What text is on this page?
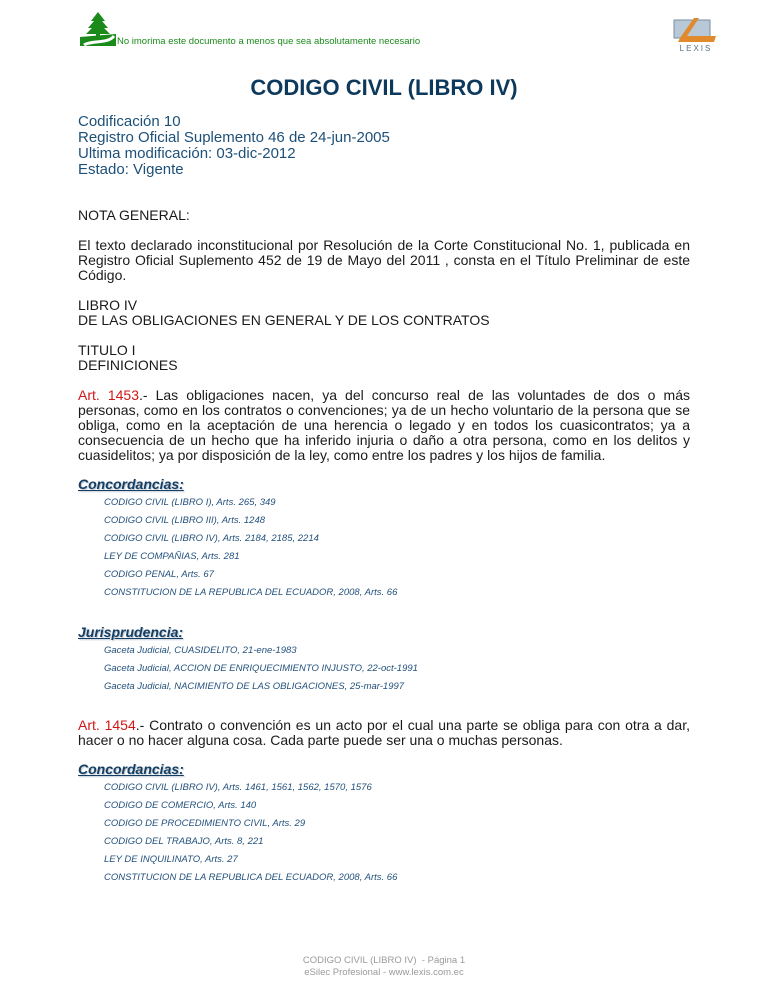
No imorima este documento a menos que sea absolutamente necesario
LEXIS
CODIGO CIVIL (LIBRO IV)
Codificación 10
Registro Oficial Suplemento 46 de 24-jun-2005
Ultima modificación: 03-dic-2012
Estado: Vigente
NOTA GENERAL:
El texto declarado inconstitucional por Resolución de la Corte Constitucional No. 1, publicada en Registro Oficial Suplemento 452 de 19 de Mayo del 2011 , consta en el Título Preliminar de este Código.
LIBRO IV
DE LAS OBLIGACIONES EN GENERAL Y DE LOS CONTRATOS
TITULO I
DEFINICIONES
Art. 1453.- Las obligaciones nacen, ya del concurso real de las voluntades de dos o más personas, como en los contratos o convenciones; ya de un hecho voluntario de la persona que se obliga, como en la aceptación de una herencia o legado y en todos los cuasicontratos; ya a consecuencia de un hecho que ha inferido injuria o daño a otra persona, como en los delitos y cuasidelitos; ya por disposición de la ley, como entre los padres y los hijos de familia.
Concordancias:
CODIGO CIVIL (LIBRO I), Arts. 265, 349
CODIGO CIVIL (LIBRO III), Arts. 1248
CODIGO CIVIL (LIBRO IV), Arts. 2184, 2185, 2214
LEY DE COMPAÑIAS, Arts. 281
CODIGO PENAL, Arts. 67
CONSTITUCION DE LA REPUBLICA DEL ECUADOR, 2008, Arts. 66
Jurisprudencia:
Gaceta Judicial, CUASIDELITO, 21-ene-1983
Gaceta Judicial, ACCION DE ENRIQUECIMIENTO INJUSTO, 22-oct-1991
Gaceta Judicial, NACIMIENTO DE LAS OBLIGACIONES, 25-mar-1997
Art. 1454.- Contrato o convención es un acto por el cual una parte se obliga para con otra a dar, hacer o no hacer alguna cosa. Cada parte puede ser una o muchas personas.
Concordancias:
CODIGO CIVIL (LIBRO IV), Arts. 1461, 1561, 1562, 1570, 1576
CODIGO DE COMERCIO, Arts. 140
CODIGO DE PROCEDIMIENTO CIVIL, Arts. 29
CODIGO DEL TRABAJO, Arts. 8, 221
LEY DE INQUILINATO, Arts. 27
CONSTITUCION DE LA REPUBLICA DEL ECUADOR, 2008, Arts. 66
CODIGO CIVIL (LIBRO IV)  - Página 1
eSilec Profesional - www.lexis.com.ec
